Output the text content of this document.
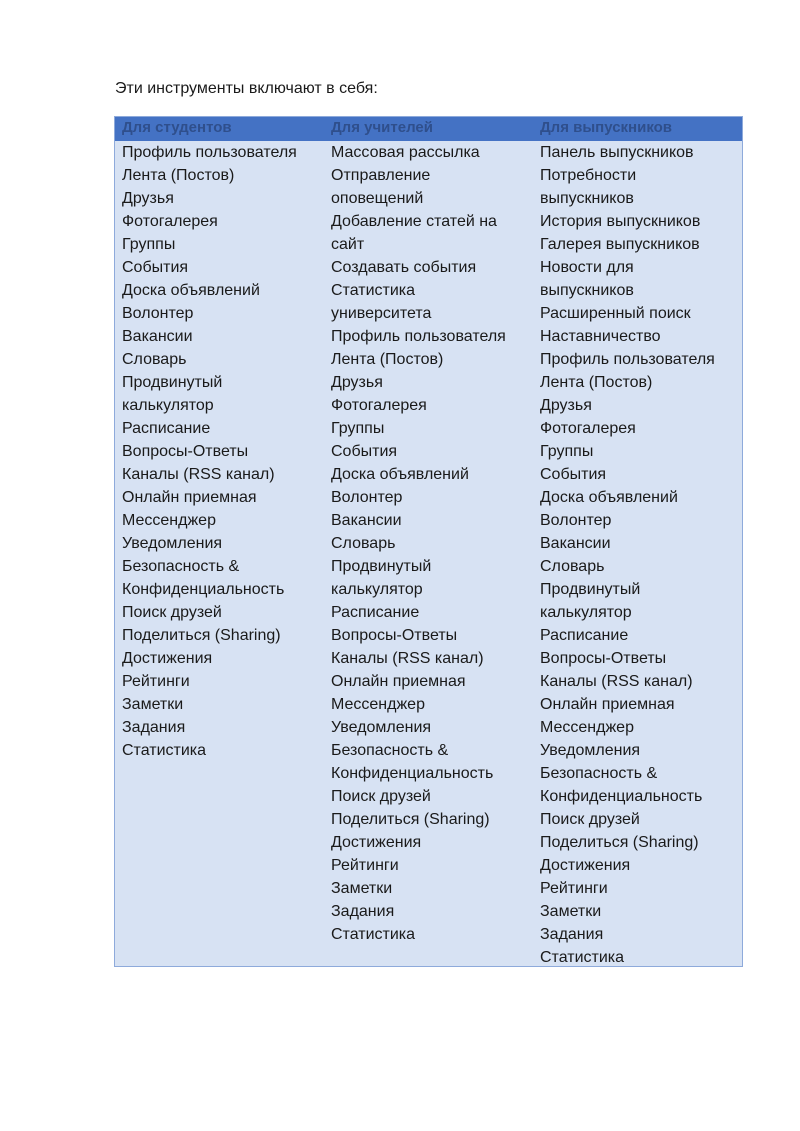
Эти инструменты включают в себя:
Для студентов
Профиль пользователя
Лента (Постов)
Друзья
Фотогалерея
Группы
События
Доска объявлений
Волонтер
Вакансии
Словарь
Продвинутый
калькулятор
Расписание
Вопросы-Ответы
Каналы (RSS канал)
Онлайн приемная
Мессенджер
Уведомления
Безопасность &
Конфиденциальность
Поиск друзей
Поделиться (Sharing)
Достижения
Рейтинги
Заметки
Задания
Статистика
Для учителей
Массовая рассылка
Отправление
оповещений
Добавление статей на
сайт
Создавать события
Статистика
университета
Профиль пользователя
Лента (Постов)
Друзья
Фотогалерея
Группы
События
Доска объявлений
Волонтер
Вакансии
Словарь
Продвинутый
калькулятор
Расписание
Вопросы-Ответы
Каналы (RSS канал)
Онлайн приемная
Мессенджер
Уведомления
Безопасность &
Конфиденциальность
Поиск друзей
Поделиться (Sharing)
Достижения
Рейтинги
Заметки
Задания
Статистика
Для выпускников
Панель выпускников
Потребности
выпускников
История выпускников
Галерея выпускников
Новости для
выпускников
Расширенный поиск
Наставничество
Профиль пользователя
Лента (Постов)
Друзья
Фотогалерея
Группы
События
Доска объявлений
Волонтер
Вакансии
Словарь
Продвинутый
калькулятор
Расписание
Вопросы-Ответы
Каналы (RSS канал)
Онлайн приемная
Мессенджер
Уведомления
Безопасность &
Конфиденциальность
Поиск друзей
Поделиться (Sharing)
Достижения
Рейтинги
Заметки
Задания
Статистика
